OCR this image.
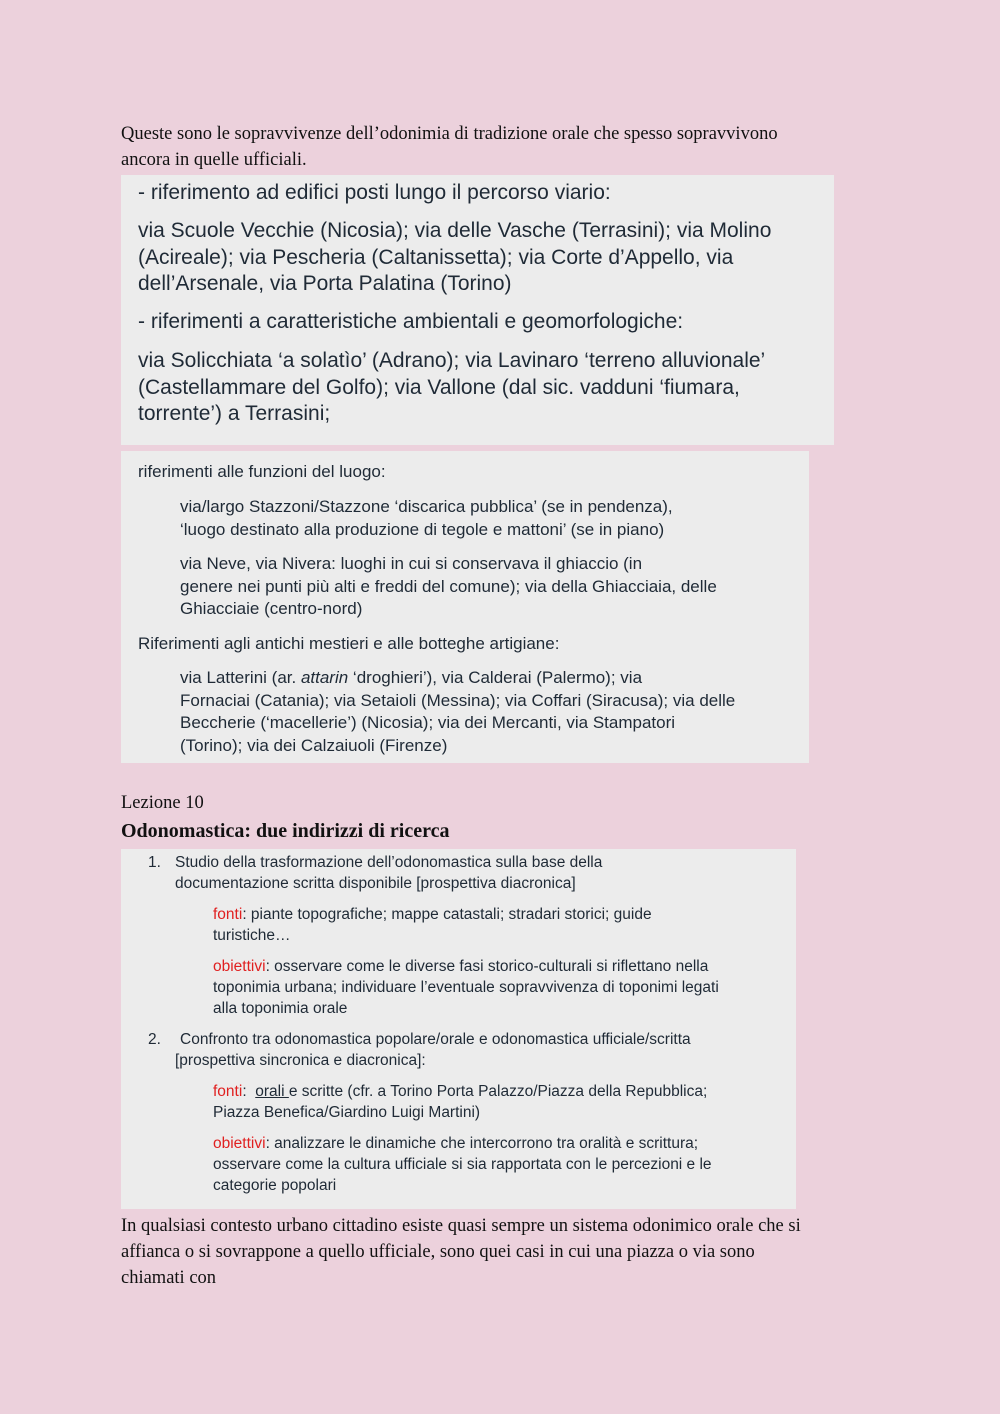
Queste sono le sopravvivenze dell’odonimia di tradizione orale che spesso sopravvivono
ancora in quelle ufficiali.
- riferimento ad edifici posti lungo il percorso viario:
via Scuole Vecchie (Nicosia); via delle Vasche (Terrasini); via Molino
(Acireale); via Pescheria (Caltanissetta); via Corte d’Appello, via
dell’Arsenale, via Porta Palatina (Torino)
- riferimenti a caratteristiche ambientali e geomorfologiche:
via Solicchiata ‘a solatìo’ (Adrano); via Lavinaro ‘terreno alluvionale’
(Castellammare del Golfo); via Vallone (dal sic. vadduni ‘fiumara,
torrente’) a Terrasini;
riferimenti alle funzioni del luogo:
via/largo Stazzoni/Stazzone ‘discarica pubblica’ (se in pendenza),
‘luogo destinato alla produzione di tegole e mattoni’ (se in piano)
via Neve, via Nivera: luoghi in cui si conservava il ghiaccio (in
genere nei punti più alti e freddi del comune); via della Ghiacciaia, delle
Ghiacciaie (centro-nord)
Riferimenti agli antichi mestieri e alle botteghe artigiane:
via Latterini (ar. attarin ‘droghieri’), via Calderai (Palermo); via
Fornaciai (Catania); via Setaioli (Messina); via Coffari (Siracusa); via delle
Beccherie (‘macellerie’) (Nicosia); via dei Mercanti, via Stampatori
(Torino); via dei Calzaiuoli (Firenze)
Lezione 10
Odonomastica: due indirizzi di ricerca
1. Studio della trasformazione dell’odonomastica sulla base della
documentazione scritta disponibile [prospettiva diacronica]
fonti: piante topografiche; mappe catastali; stradari storici; guide
turistiche…
obiettivi: osservare come le diverse fasi storico-culturali si riflettano nella
toponimia urbana; individuare l’eventuale sopravvivenza di toponimi legati
alla toponimia orale
2. Confronto tra odonomastica popolare/orale e odonomastica ufficiale/scritta
[prospettiva sincronica e diacronica]:
fonti:  orali e scritte (cfr. a Torino Porta Palazzo/Piazza della Repubblica;
Piazza Benefica/Giardino Luigi Martini)
obiettivi: analizzare le dinamiche che intercorrono tra oralità e scrittura;
osservare come la cultura ufficiale si sia rapportata con le percezioni e le
categorie popolari
In qualsiasi contesto urbano cittadino esiste quasi sempre un sistema odonimico orale che si
affianca o si sovrappone a quello ufficiale, sono quei casi in cui una piazza o via sono
chiamati con
